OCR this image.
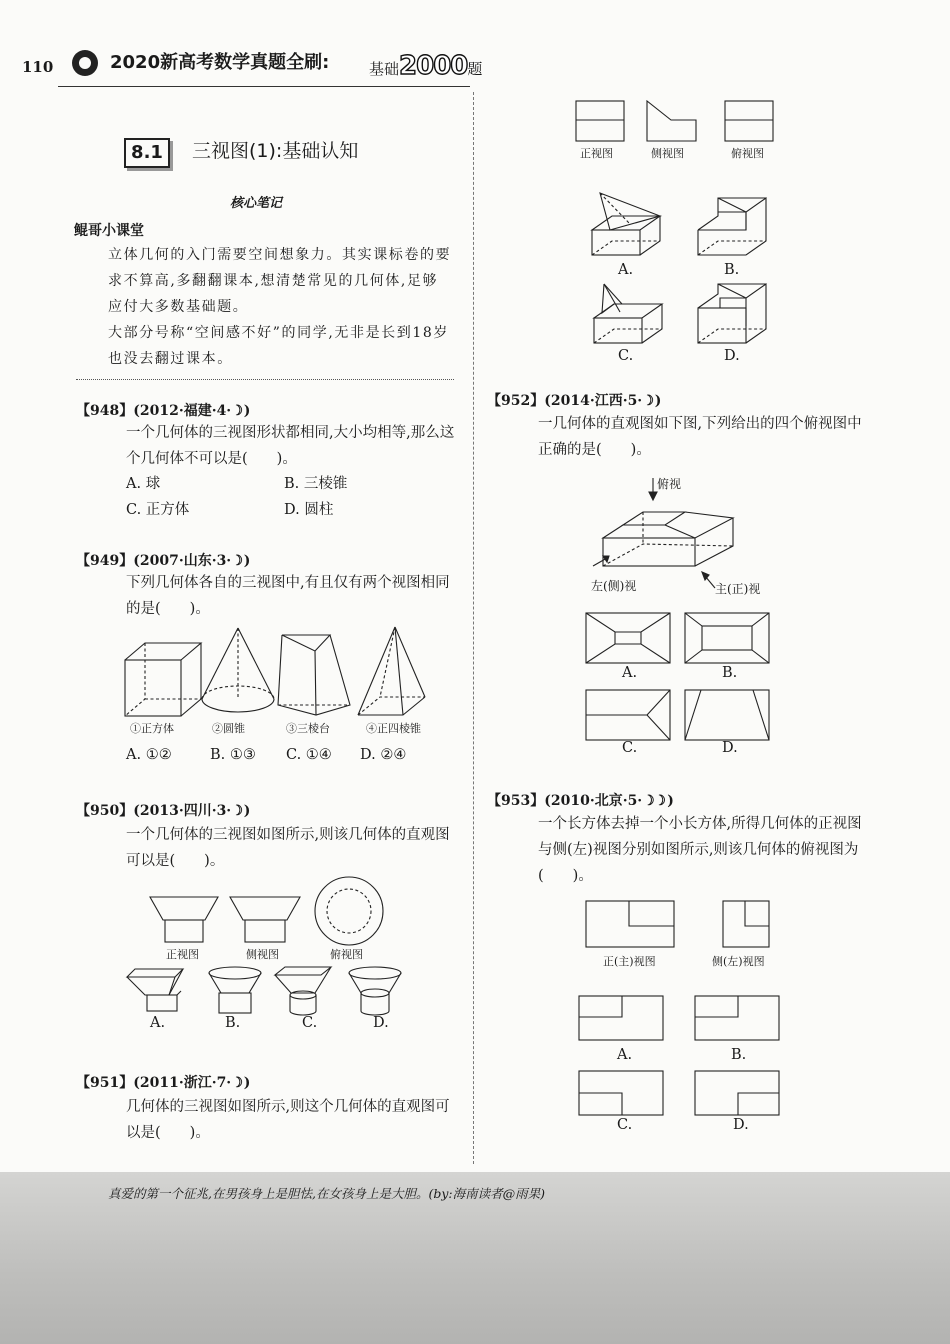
110	2020新高考数学真题全刷:	基础2000题
8.1	三视图(1):基础认知
核心笔记
鲲哥小课堂
立体几何的入门需要空间想象力。其实课标卷的要求不算高,多翻翻课本,想清楚常见的几何体,足够应付大多数基础题。
大部分号称“空间感不好”的同学,无非是长到18岁也没去翻过课本。
【948】(2012·福建·4·☽)
一个几何体的三视图形状都相同,大小均相等,那么这个几何体不可以是(　　)。
A. 球	B. 三棱锥
C. 正方体	D. 圆柱
【949】(2007·山东·3·☽)
下列几何体各自的三视图中,有且仅有两个视图相同的是(　　)。
①正方体	②圆锥	③三棱台	④正四棱锥
A. ①②	B. ①③ C. ①④ D. ②④
【950】(2013·四川·3·☽)
一个几何体的三视图如图所示,则该几何体的直观图可以是(　　)。
正视图	侧视图	俯视图
A.	B.	C.	D.
【951】(2011·浙江·7·☽)
几何体的三视图如图所示,则这个几何体的直观图可以是(　　)。
正视图	侧视图	俯视图
A.	B.
C.	D.
【952】(2014·江西·5·☽)
一几何体的直观图如下图,下列给出的四个俯视图中正确的是(　　)。
俯视
左(侧)视	主(正)视
A.	B.
C.	D.
【953】(2010·北京·5·☽☽)
一个长方体去掉一个小长方体,所得几何体的正视图与侧(左)视图分别如图所示,则该几何体的俯视图为(　　)。
正(主)视图	侧(左)视图
A.	B.
C.	D.
真爱的第一个征兆,在男孩身上是胆怯,在女孩身上是大胆。(by:海南读者@雨果)
